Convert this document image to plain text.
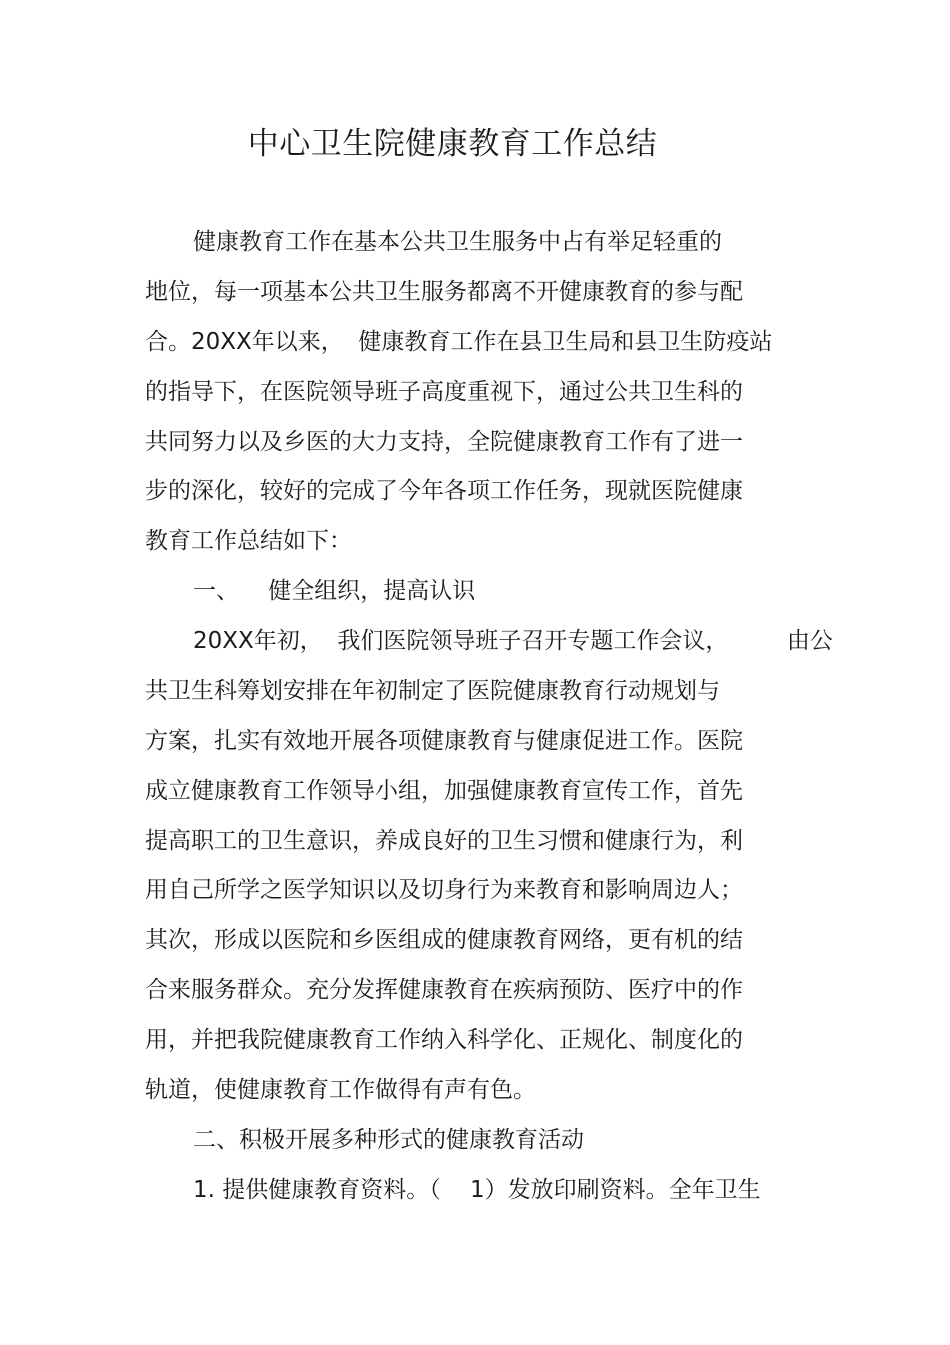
中心卫生院健康教育工作总结
健康教育工作在基本公共卫生服务中占有举足轻重的
地位，每一项基本公共卫生服务都离不开健康教育的参与配
合。20XX年以来，  健康教育工作在县卫生局和县卫生防疫站
的指导下，在医院领导班子高度重视下，通过公共卫生科的
共同努力以及乡医的大力支持，全院健康教育工作有了进一
步的深化，较好的完成了今年各项工作任务，现就医院健康
教育工作总结如下：
一、    健全组织，提高认识
20XX年初，  我们医院领导班子召开专题工作会议，        由公
共卫生科筹划安排在年初制定了医院健康教育行动规划与
方案，扎实有效地开展各项健康教育与健康促进工作。医院
成立健康教育工作领导小组，加强健康教育宣传工作，首先
提高职工的卫生意识，养成良好的卫生习惯和健康行为，利
用自己所学之医学知识以及切身行为来教育和影响周边人；
其次，形成以医院和乡医组成的健康教育网络，更有机的结
合来服务群众。充分发挥健康教育在疾病预防、医疗中的作
用，并把我院健康教育工作纳入科学化、正规化、制度化的
轨道，使健康教育工作做得有声有色。
二、积极开展多种形式的健康教育活动
1. 提供健康教育资料。（    1）发放印刷资料。全年卫生
